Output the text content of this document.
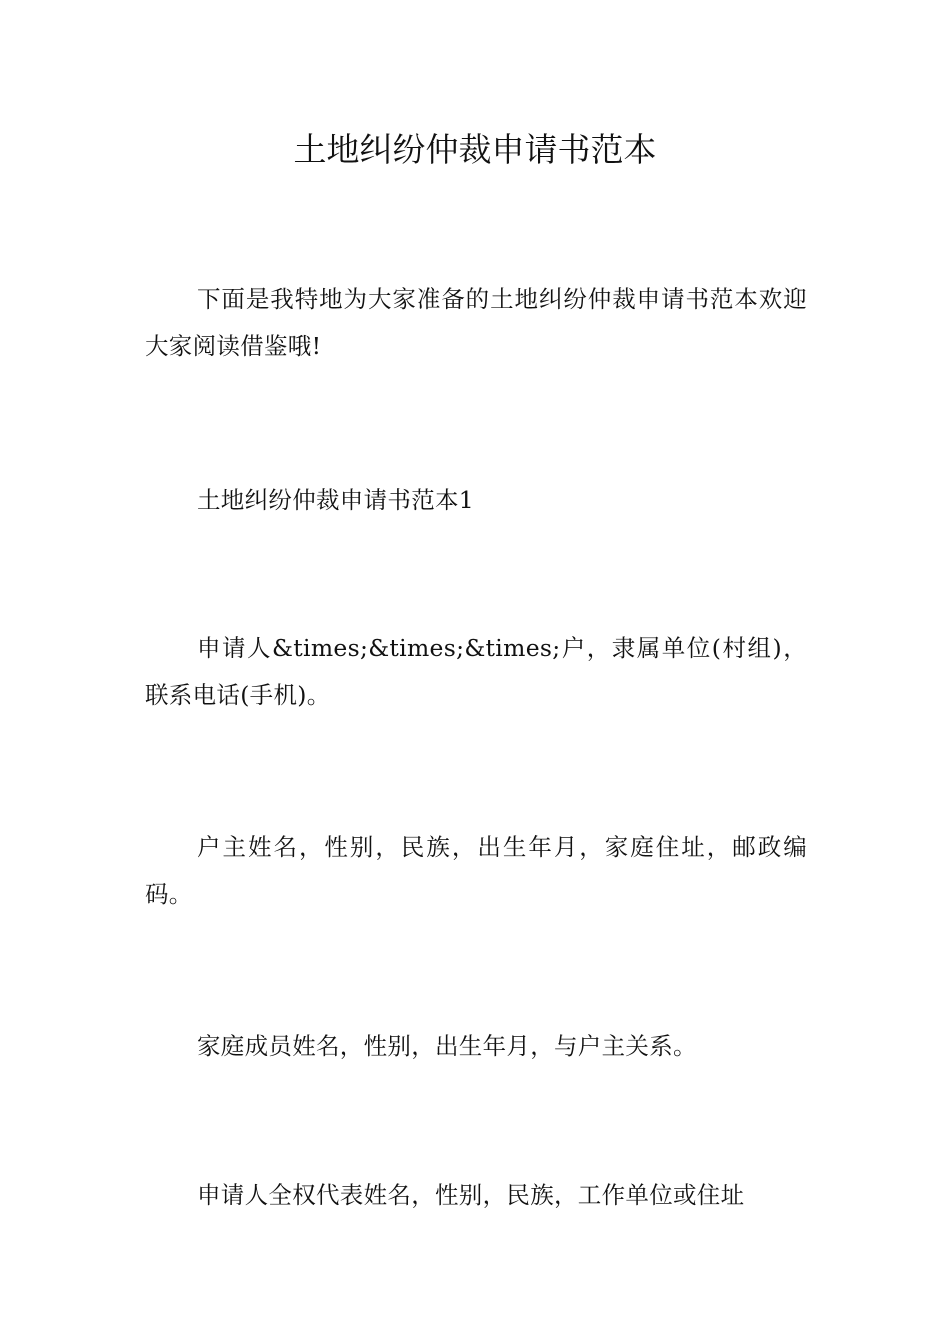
土地纠纷仲裁申请书范本

下面是我特地为大家准备的土地纠纷仲裁申请书范本欢迎大家阅读借鉴哦!

土地纠纷仲裁申请书范本1

申请人&times;&times;&times;户，隶属单位(村组)，联系电话(手机)。

户主姓名，性别，民族，出生年月，家庭住址，邮政编码。

家庭成员姓名，性别，出生年月，与户主关系。

申请人全权代表姓名，性别，民族，工作单位或住址
